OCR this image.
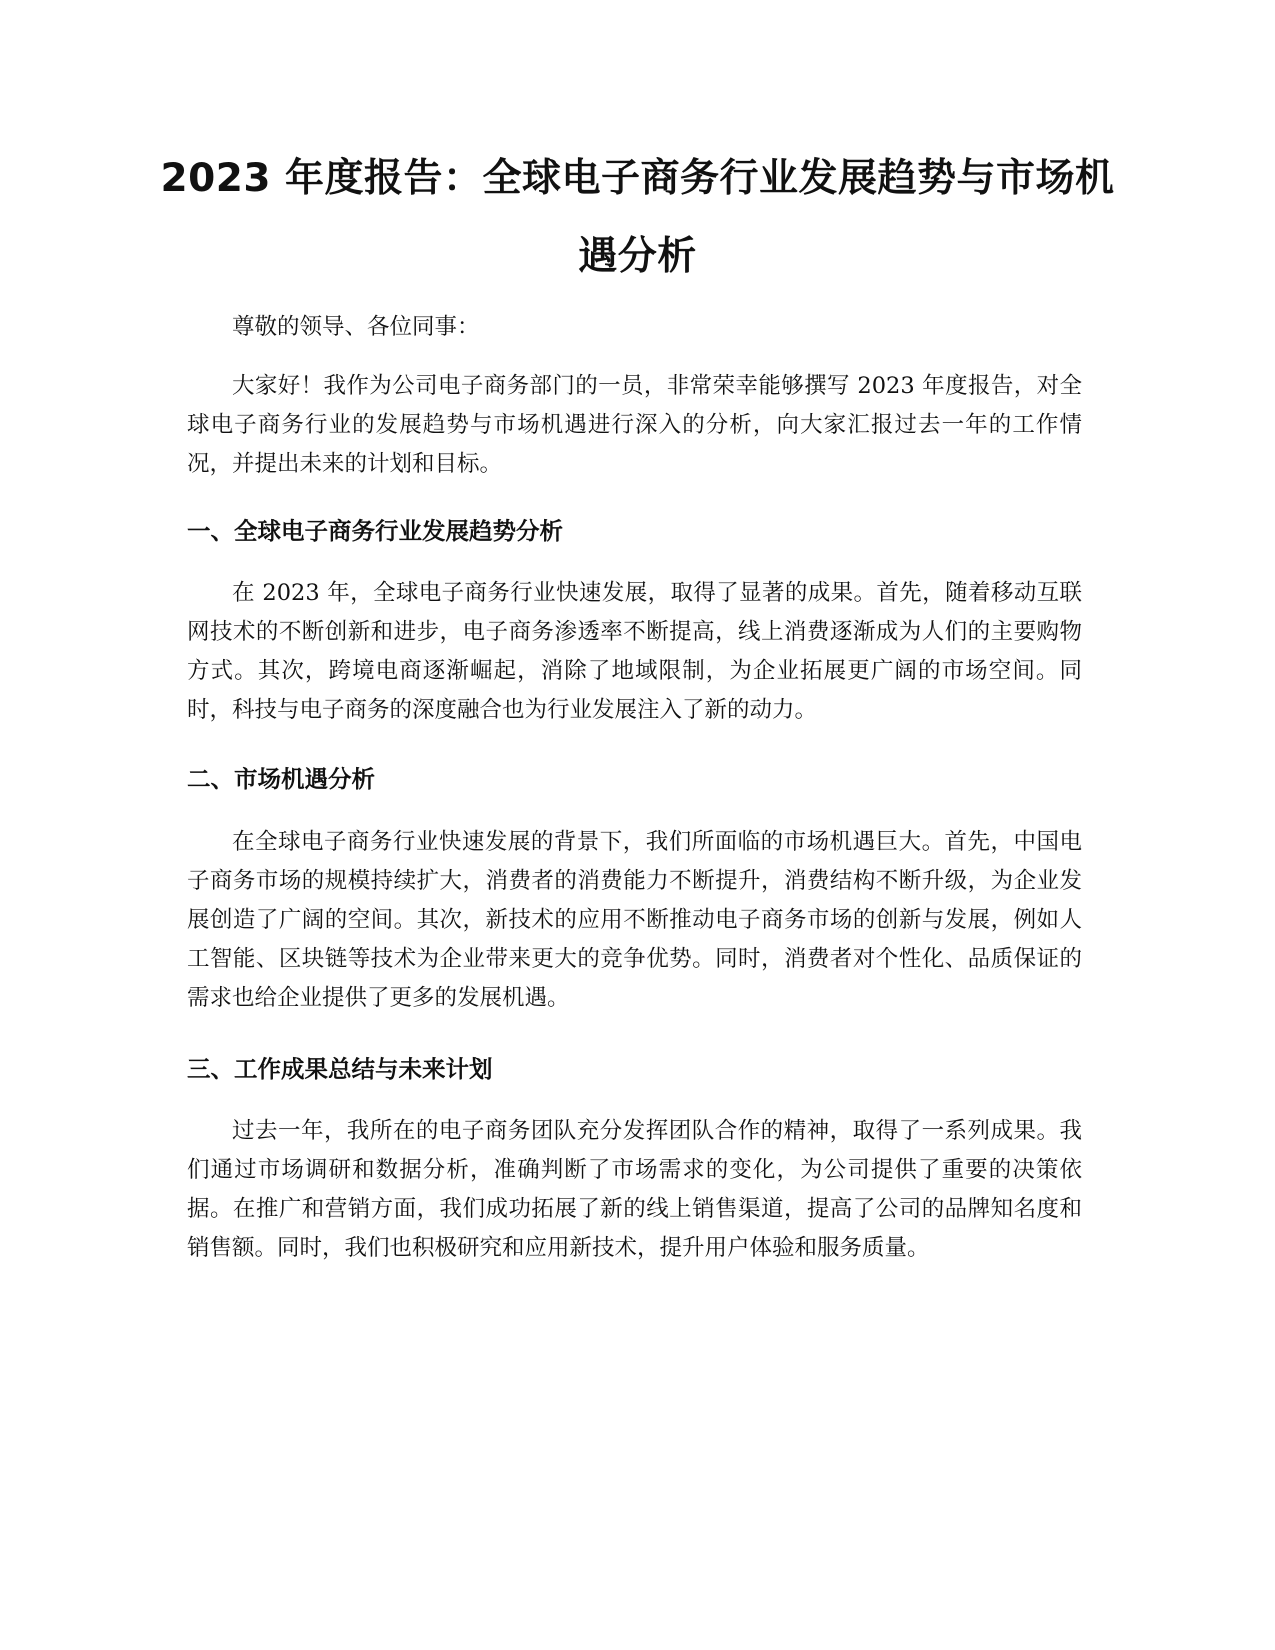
2023 年度报告：全球电子商务行业发展趋势与市场机遇分析

尊敬的领导、各位同事：

大家好！我作为公司电子商务部门的一员，非常荣幸能够撰写 2023 年度报告，对全球电子商务行业的发展趋势与市场机遇进行深入的分析，向大家汇报过去一年的工作情况，并提出未来的计划和目标。

一、全球电子商务行业发展趋势分析

在 2023 年，全球电子商务行业快速发展，取得了显著的成果。首先，随着移动互联网技术的不断创新和进步，电子商务渗透率不断提高，线上消费逐渐成为人们的主要购物方式。其次，跨境电商逐渐崛起，消除了地域限制，为企业拓展更广阔的市场空间。同时，科技与电子商务的深度融合也为行业发展注入了新的动力。

二、市场机遇分析

在全球电子商务行业快速发展的背景下，我们所面临的市场机遇巨大。首先，中国电子商务市场的规模持续扩大，消费者的消费能力不断提升，消费结构不断升级，为企业发展创造了广阔的空间。其次，新技术的应用不断推动电子商务市场的创新与发展，例如人工智能、区块链等技术为企业带来更大的竞争优势。同时，消费者对个性化、品质保证的需求也给企业提供了更多的发展机遇。

三、工作成果总结与未来计划

过去一年，我所在的电子商务团队充分发挥团队合作的精神，取得了一系列成果。我们通过市场调研和数据分析，准确判断了市场需求的变化，为公司提供了重要的决策依据。在推广和营销方面，我们成功拓展了新的线上销售渠道，提高了公司的品牌知名度和销售额。同时，我们也积极研究和应用新技术，提升用户体验和服务质量。
